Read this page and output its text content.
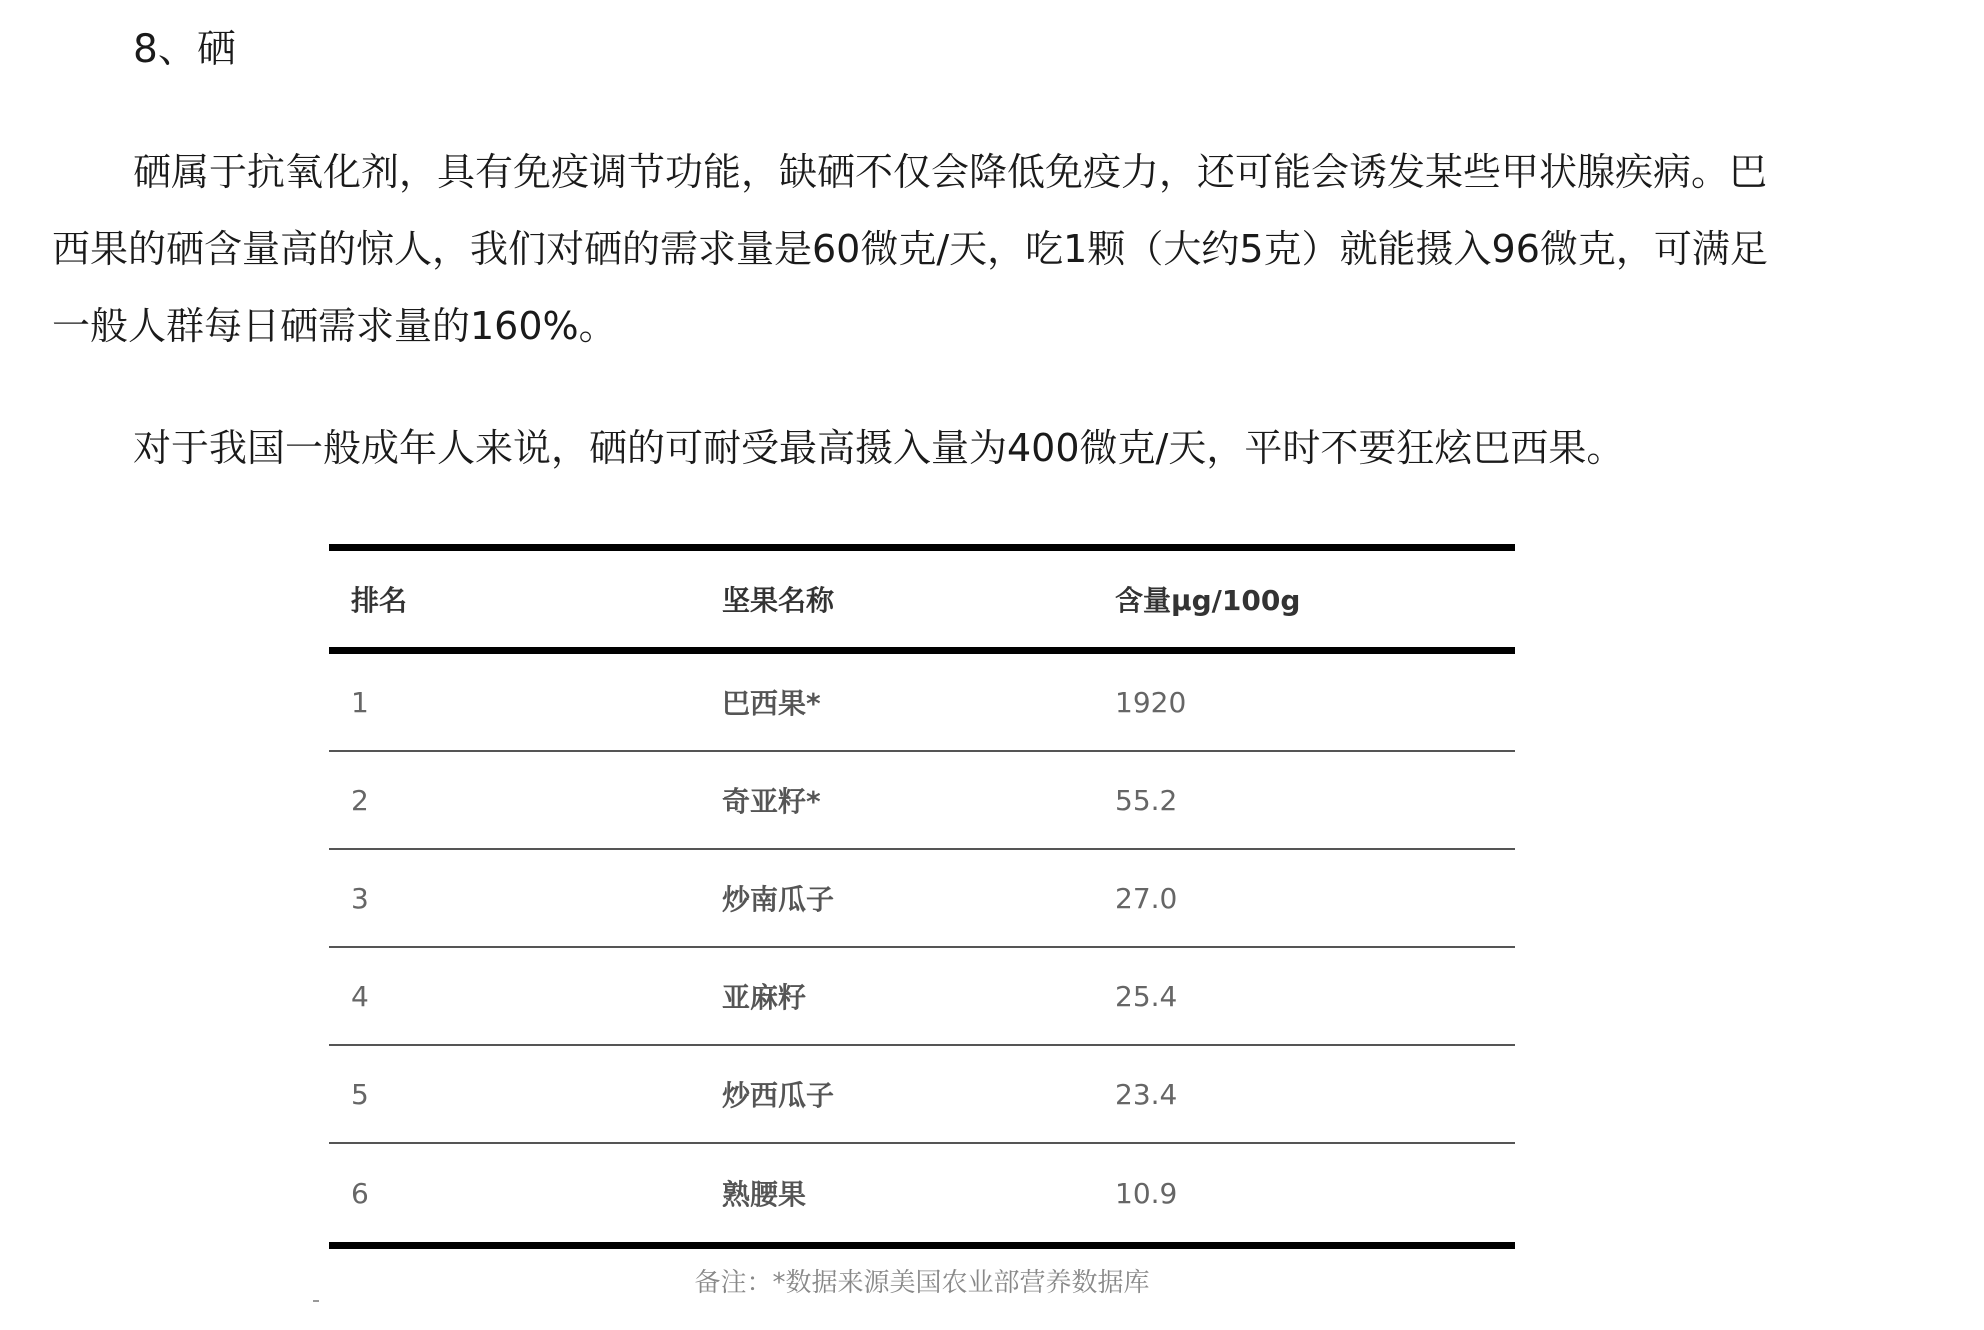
8、硒

硒属于抗氧化剂，具有免疫调节功能，缺硒不仅会降低免疫力，还可能会诱发某些甲状腺疾病。巴西果的硒含量高的惊人，我们对硒的需求量是60微克/天，吃1颗（大约5克）就能摄入96微克，可满足一般人群每日硒需求量的160%。

对于我国一般成年人来说，硒的可耐受最高摄入量为400微克/天，平时不要狂炫巴西果。

排名	坚果名称	含量μg/100g
1	巴西果*	1920
2	奇亚籽*	55.2
3	炒南瓜子	27.0
4	亚麻籽	25.4
5	炒西瓜子	23.4
6	熟腰果	10.9
备注：*数据来源美国农业部营养数据库
